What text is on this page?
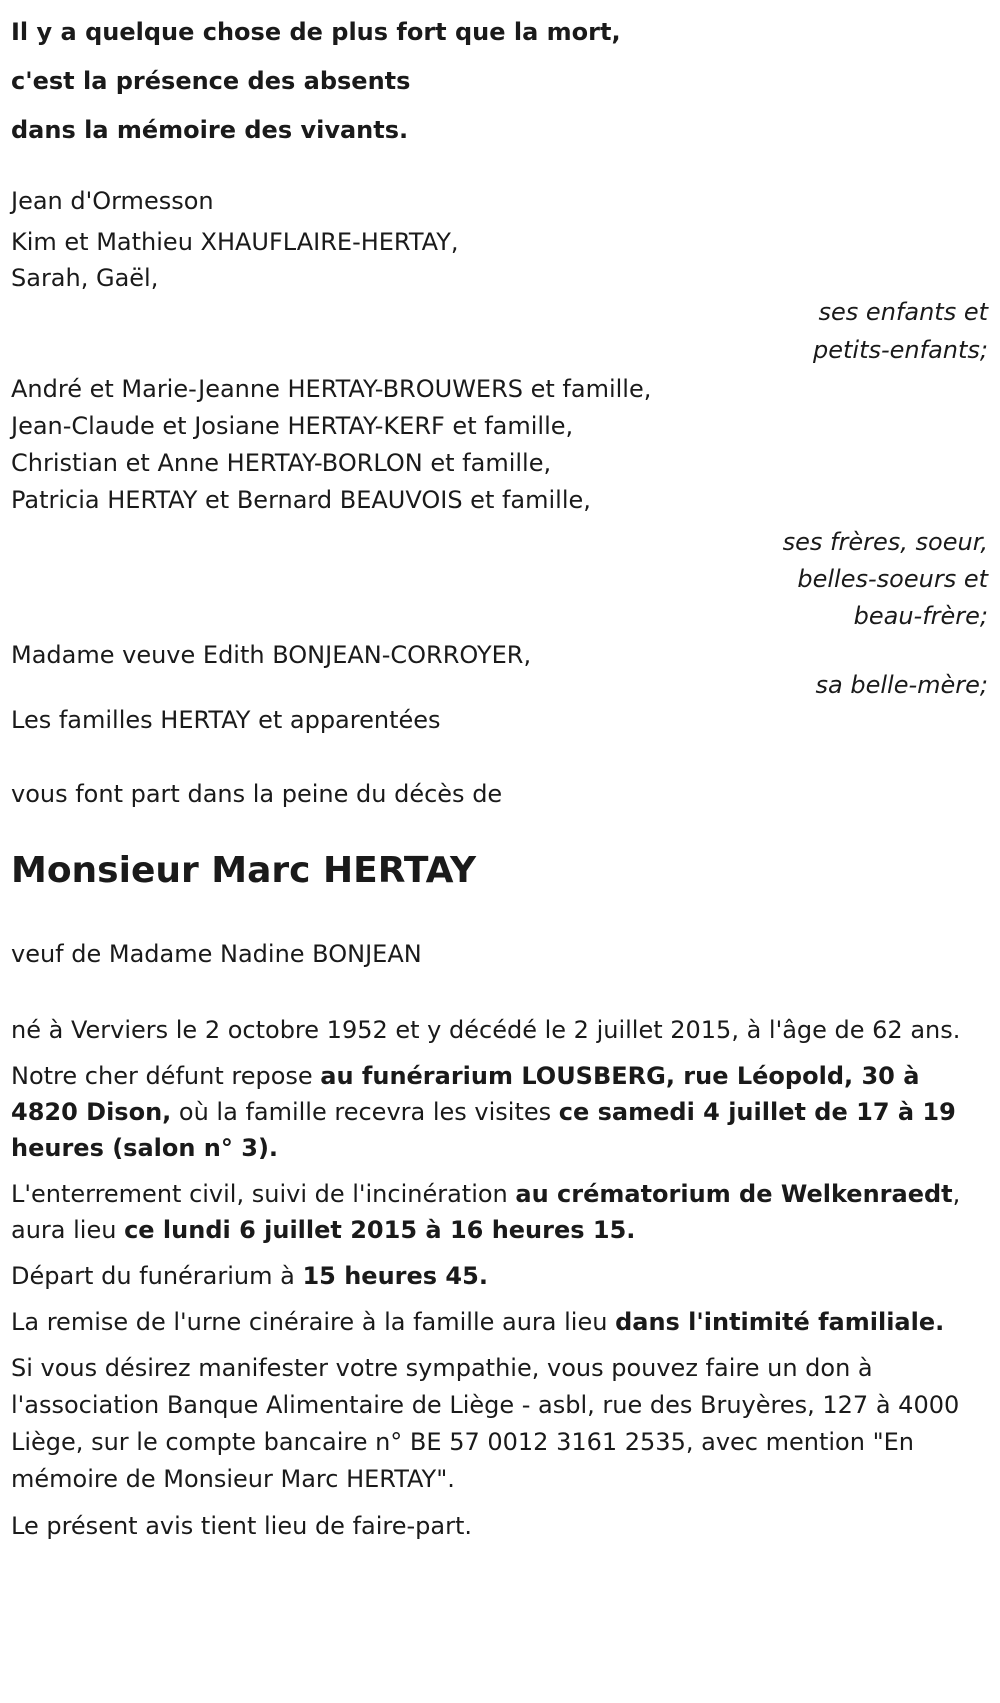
Il y a quelque chose de plus fort que la mort,
c'est la présence des absents
dans la mémoire des vivants.
Jean d'Ormesson
Kim et Mathieu XHAUFLAIRE-HERTAY,
Sarah, Gaël,
ses enfants et
petits-enfants;
André et Marie-Jeanne HERTAY-BROUWERS et famille,
Jean-Claude et Josiane HERTAY-KERF et famille,
Christian et Anne HERTAY-BORLON et famille,
Patricia HERTAY et Bernard BEAUVOIS et famille,
ses frères, soeur,
belles-soeurs et
beau-frère;
Madame veuve Edith BONJEAN-CORROYER,
sa belle-mère;
Les familles HERTAY et apparentées
vous font part dans la peine du décès de
Monsieur Marc HERTAY
veuf de Madame Nadine BONJEAN
né à Verviers le 2 octobre 1952 et y décédé le 2 juillet 2015, à l'âge de 62 ans.

Notre cher défunt repose au funérarium LOUSBERG, rue Léopold, 30 à 4820 Dison, où la famille recevra les visites ce samedi 4 juillet de 17 à 19 heures (salon n° 3).

L'enterrement civil, suivi de l'incinération au crématorium de Welkenraedt, aura lieu ce lundi 6 juillet 2015 à 16 heures 15.

Départ du funérarium à 15 heures 45.

La remise de l'urne cinéraire à la famille aura lieu dans l'intimité familiale.

Si vous désirez manifester votre sympathie, vous pouvez faire un don à l'association Banque Alimentaire de Liège - asbl, rue des Bruyères, 127 à 4000 Liège, sur le compte bancaire n° BE 57 0012 3161 2535, avec mention "En mémoire de Monsieur Marc HERTAY".

Le présent avis tient lieu de faire-part.
